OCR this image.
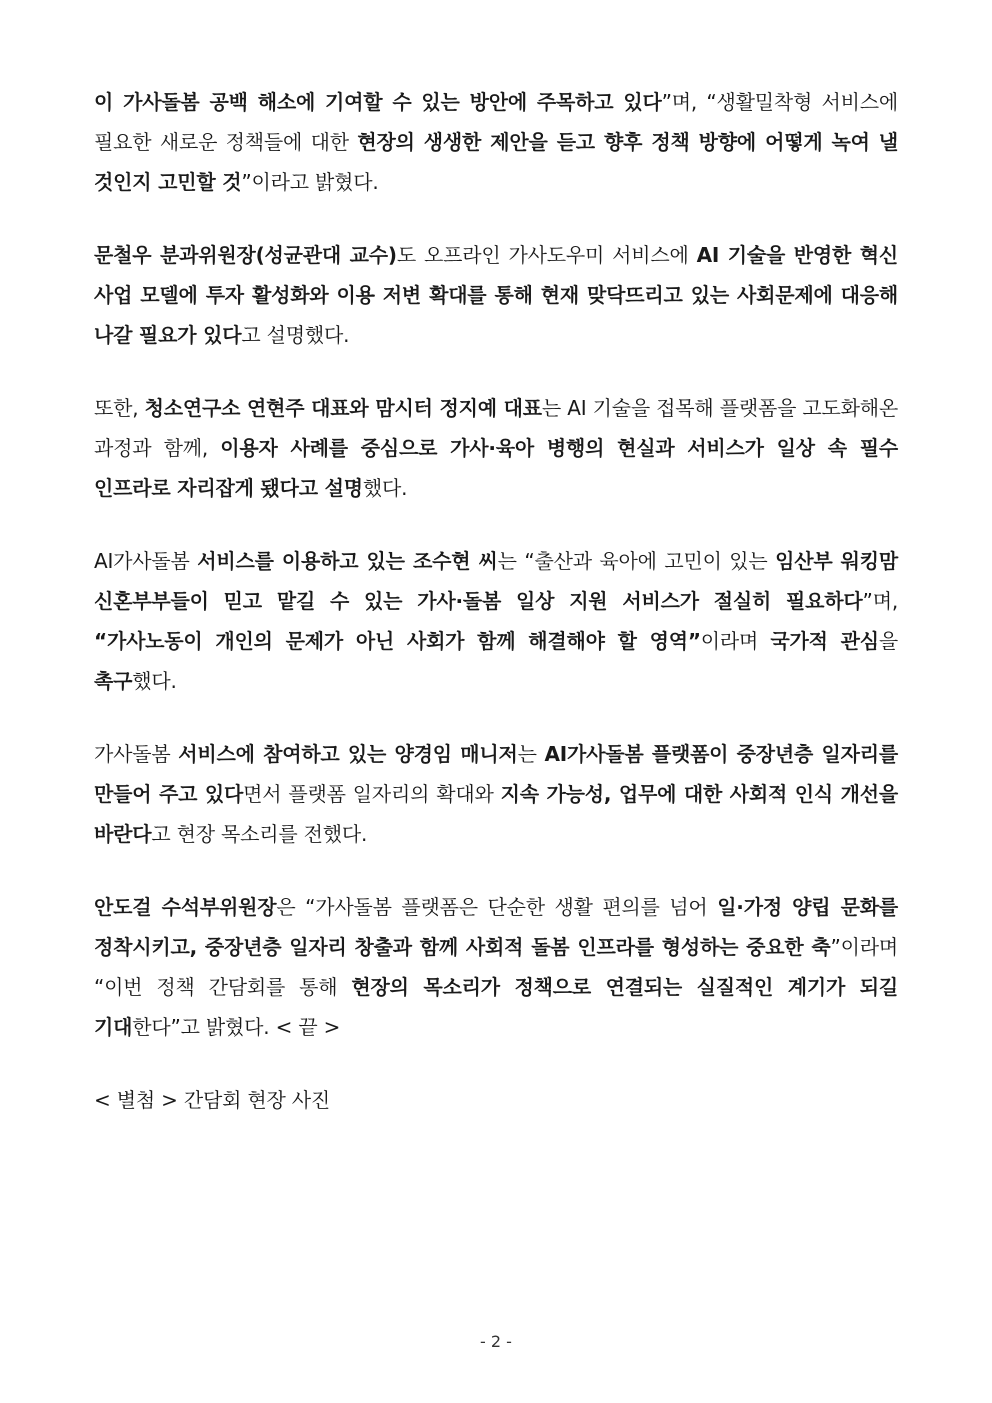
이 가사돌봄 공백 해소에 기여할 수 있는 방안에 주목하고 있다”며, “생활밀착형 서비스에 필요한 새로운 정책들에 대한 현장의 생생한 제안을 듣고 향후 정책 방향에 어떻게 녹여 낼 것인지 고민할 것”이라고 밝혔다.

문철우 분과위원장(성균관대 교수)도 오프라인 가사도우미 서비스에 AI 기술을 반영한 혁신 사업 모델에 투자 활성화와 이용 저변 확대를 통해 현재 맞닥뜨리고 있는 사회문제에 대응해 나갈 필요가 있다고 설명했다.

또한, 청소연구소 연현주 대표와 맘시터 정지예 대표는 AI 기술을 접목해 플랫폼을 고도화해온 과정과 함께, 이용자 사례를 중심으로 가사·육아 병행의 현실과 서비스가 일상 속 필수 인프라로 자리잡게 됐다고 설명했다.

AI가사돌봄 서비스를 이용하고 있는 조수현 씨는 “출산과 육아에 고민이 있는 임산부 워킹맘 신혼부부들이 믿고 맡길 수 있는 가사·돌봄 일상 지원 서비스가 절실히 필요하다”며, “가사노동이 개인의 문제가 아닌 사회가 함께 해결해야 할 영역”이라며 국가적 관심을 촉구했다.

가사돌봄 서비스에 참여하고 있는 양경임 매니저는 AI가사돌봄 플랫폼이 중장년층 일자리를 만들어 주고 있다면서 플랫폼 일자리의 확대와 지속 가능성, 업무에 대한 사회적 인식 개선을 바란다고 현장 목소리를 전했다.

안도걸 수석부위원장은 “가사돌봄 플랫폼은 단순한 생활 편의를 넘어 일·가정 양립 문화를 정착시키고, 중장년층 일자리 창출과 함께 사회적 돌봄 인프라를 형성하는 중요한 축”이라며 “이번 정책 간담회를 통해 현장의 목소리가 정책으로 연결되는 실질적인 계기가 되길 기대한다”고 밝혔다. < 끝 >

< 별첨 > 간담회 현장 사진

- 2 -
